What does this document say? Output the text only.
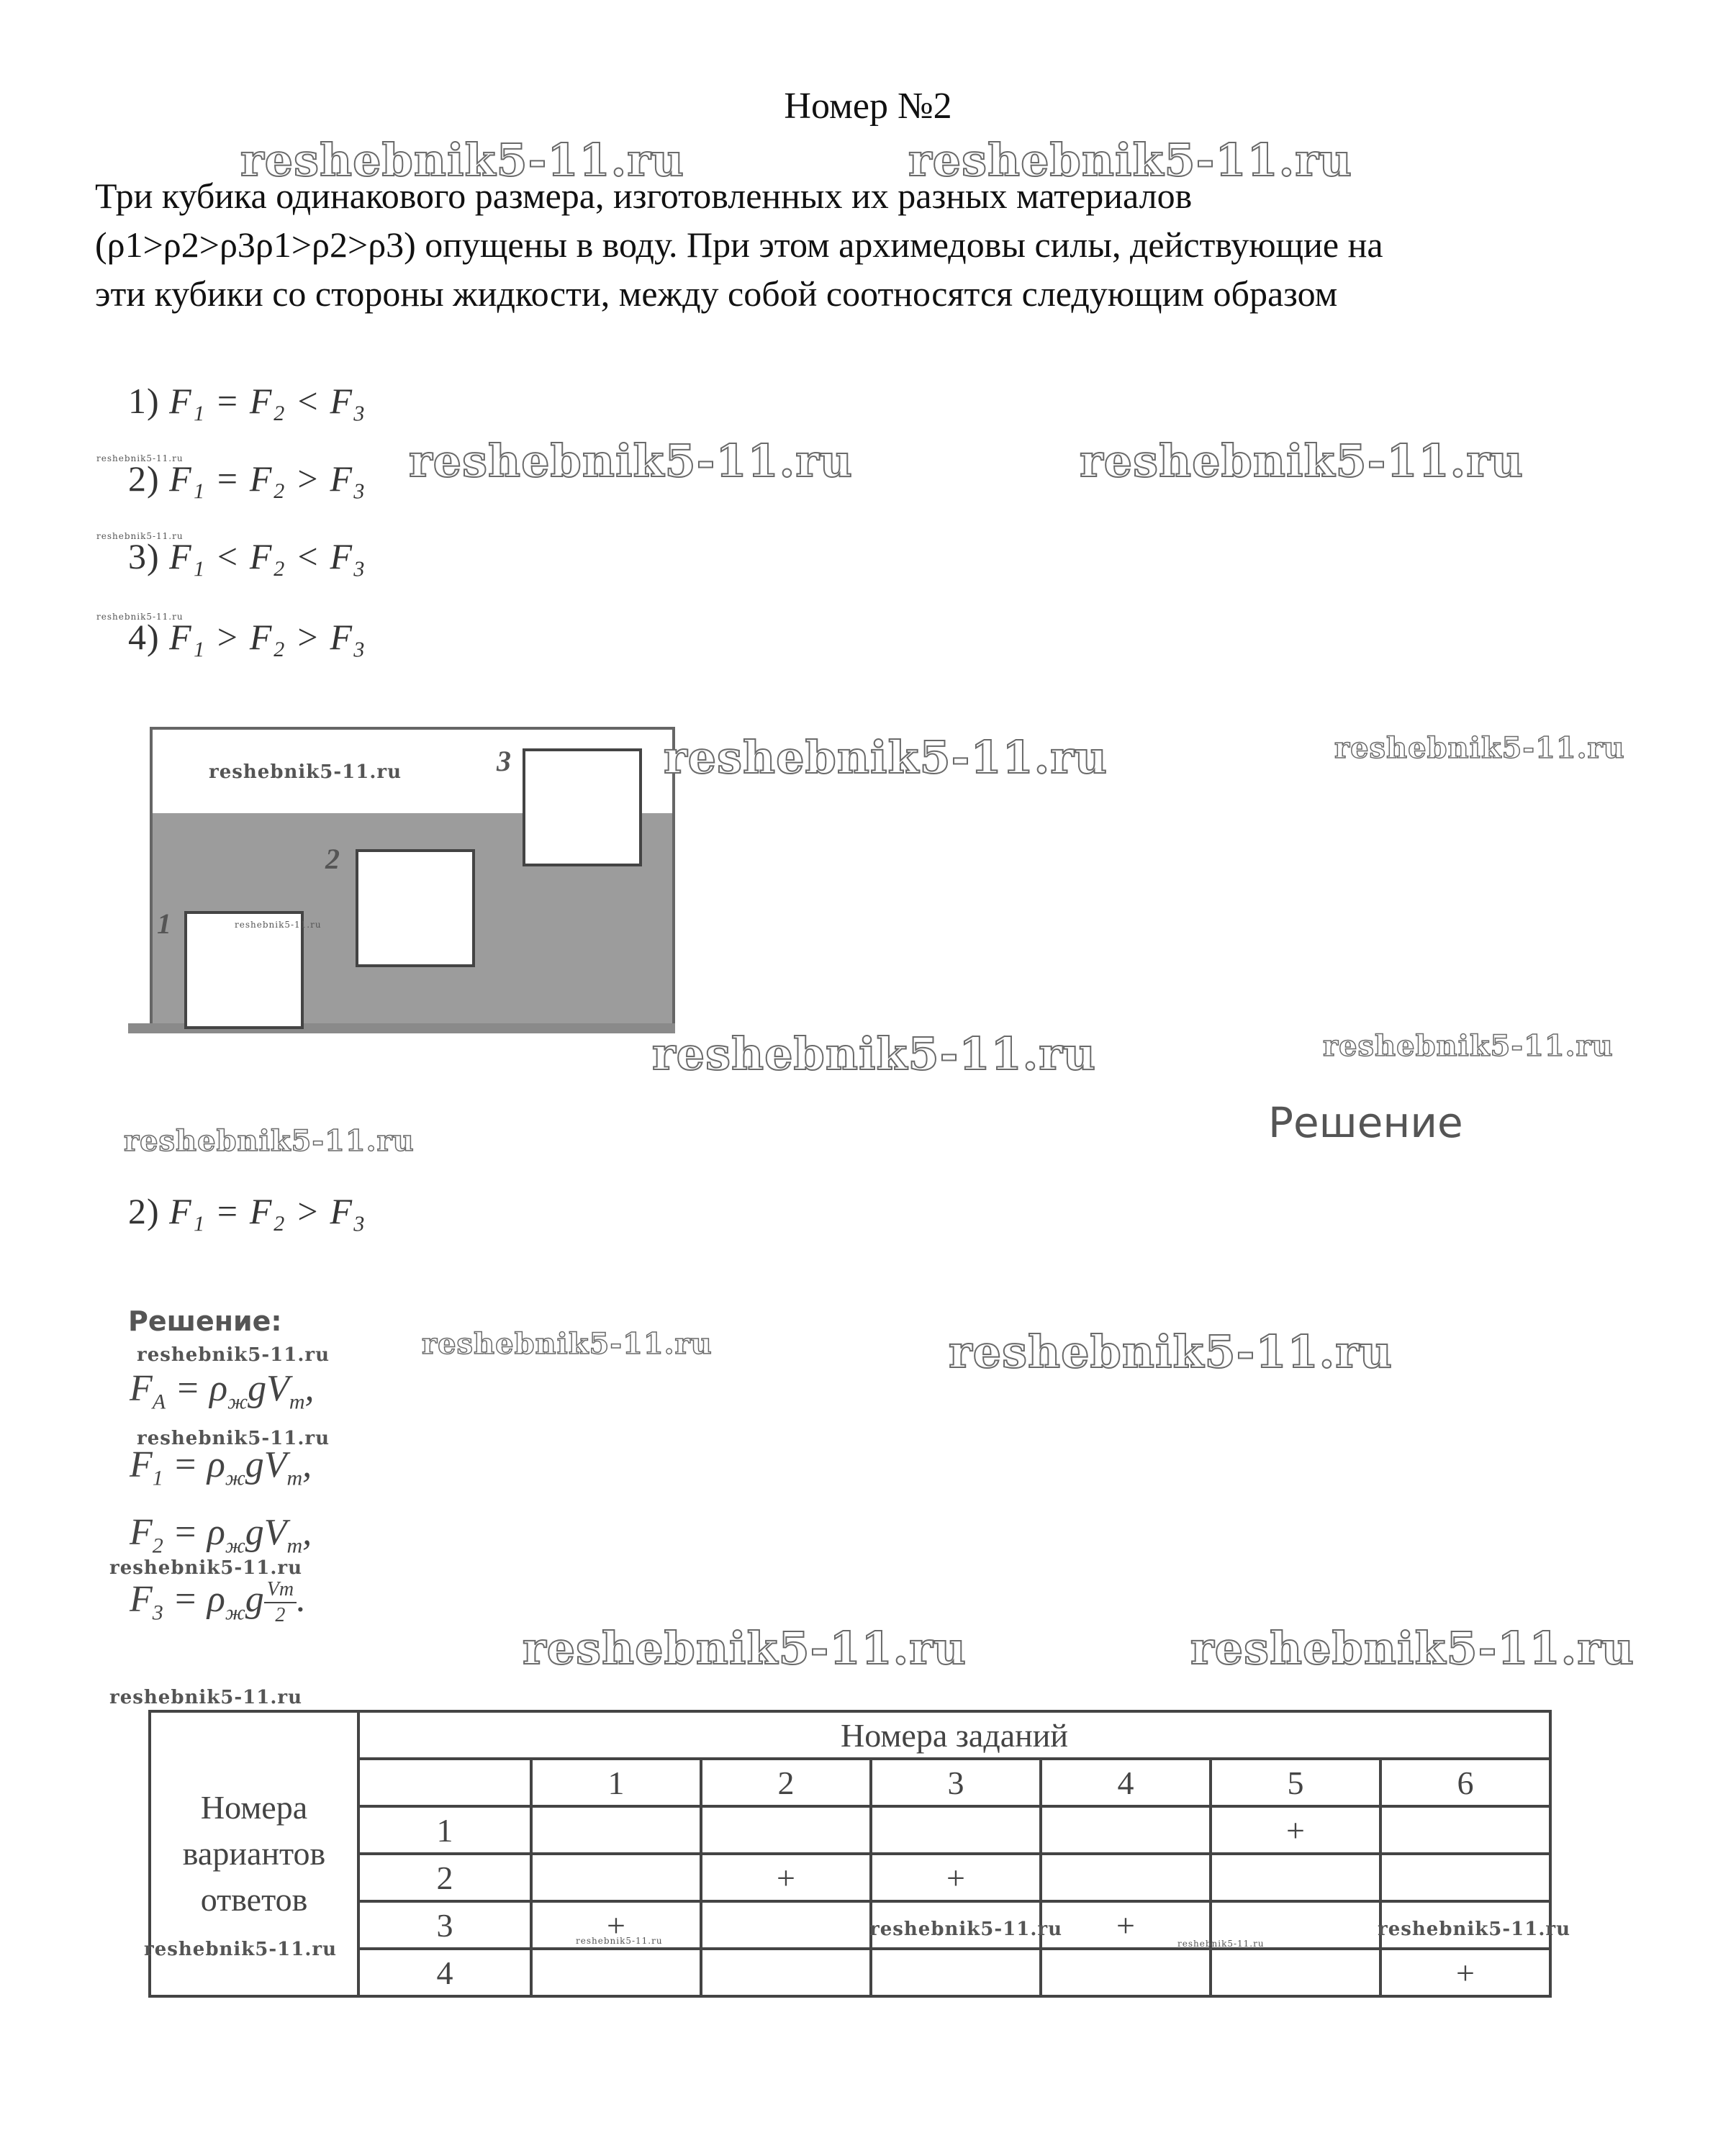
Номер №2
Три кубика одинакового размера, изготовленных их разных материалов
(ρ1>ρ2>ρ3ρ1>ρ2>ρ3) опущены в воду. При этом архимедовы силы, действующие на
эти кубики со стороны жидкости, между собой соотносятся следующим образом
1) F₁ = F₂ < F₃
2) F₁ = F₂ > F₃
3) F₁ < F₂ < F₃
4) F₁ > F₂ > F₃
1
2
3
Решение
2) F₁ = F₂ > F₃
Решение:
$F_A = \rho_жgV_т$,
$F_1 = \rho_жgV_т$,
$F_2 = \rho_жgV_т$,
$F_3 = \rho_жg \frac{Vт}{2}$ .
Номера
вариантов
ответов	Номера заданий						
		1	2	3	4	5	6
	1					+	
	2		+	+			
	3	+			+		
	4						+
reshebnik5-11.ru	reshebnik5-11.ru
reshebnik5-11.ru	reshebnik5-11.ru
reshebnik5-11.ru
reshebnik5-11.ru
reshebnik5-11.ru
reshebnik5-11.ru	reshebnik5-11.ru	reshebnik5-11.ru
reshebnik5-11.ru
reshebnik5-11.ru	reshebnik5-11.ru
reshebnik5-11.ru
reshebnik5-11.ru	reshebnik5-11.ru	reshebnik5-11.ru
reshebnik5-11.ru
reshebnik5-11.ru
reshebnik5-11.ru	reshebnik5-11.ru
reshebnik5-11.ru
reshebnik5-11.ru	reshebnik5-11.ru
reshebnik5-11.ru
reshebnik5-11.ru
reshebnik5-11.ru
